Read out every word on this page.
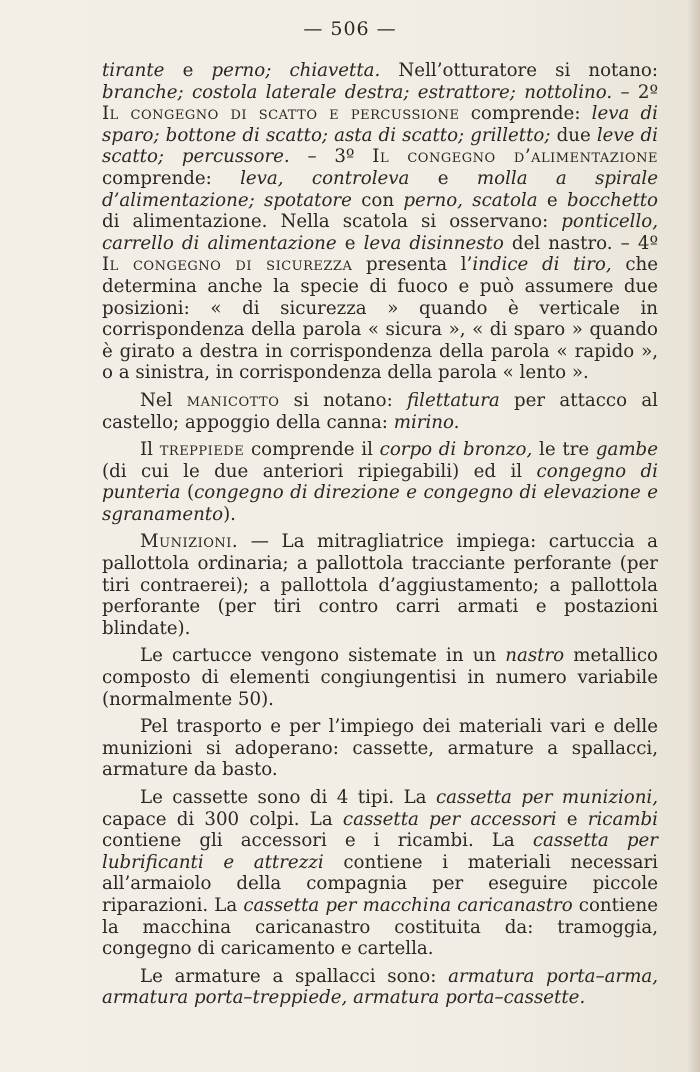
— 506 —

tirante e perno; chiavetta. Nell’otturatore si notano: branche; costola laterale destra; estrattore; nottolino. – 2º Il congegno di scatto e percussione comprende: leva di sparo; bottone di scatto; asta di scatto; grilletto; due leve di scatto; percussore. – 3º Il congegno d’alimentazione comprende: leva, controleva e molla a spirale d’alimentazione; spotatore con perno, scatola e bocchetto di alimentazione. Nella scatola si osservano: ponticello, carrello di alimentazione e leva disinnesto del nastro. – 4º Il congegno di sicurezza presenta l’indice di tiro, che determina anche la specie di fuoco e può assumere due posizioni: « di sicurezza » quando è verticale in corrispondenza della parola « sicura », « di sparo » quando è girato a destra in corrispondenza della parola « rapido », o a sinistra, in corrispondenza della parola « lento ».

Nel manicotto si notano: filettatura per attacco al castello; appoggio della canna: mirino.

Il treppiede comprende il corpo di bronzo, le tre gambe (di cui le due anteriori ripiegabili) ed il congegno di punteria (congegno di direzione e congegno di elevazione e sgranamento).

Munizioni. — La mitragliatrice impiega: cartuccia a pallottola ordinaria; a pallottola tracciante perforante (per tiri contraerei); a pallottola d’aggiustamento; a pallottola perforante (per tiri contro carri armati e postazioni blindate).

Le cartucce vengono sistemate in un nastro metallico composto di elementi congiungentisi in numero variabile (normalmente 50).

Pel trasporto e per l’impiego dei materiali vari e delle munizioni si adoperano: cassette, armature a spallacci, armature da basto.

Le cassette sono di 4 tipi. La cassetta per munizioni, capace di 300 colpi. La cassetta per accessori e ricambi contiene gli accessori e i ricambi. La cassetta per lubrificanti e attrezzi contiene i materiali necessari all’armaiolo della compagnia per eseguire piccole riparazioni. La cassetta per macchina caricanastro contiene la macchina caricanastro costituita da: tramoggia, congegno di caricamento e cartella.

Le armature a spallacci sono: armatura porta–arma, armatura porta–treppiede, armatura porta–cassette.
